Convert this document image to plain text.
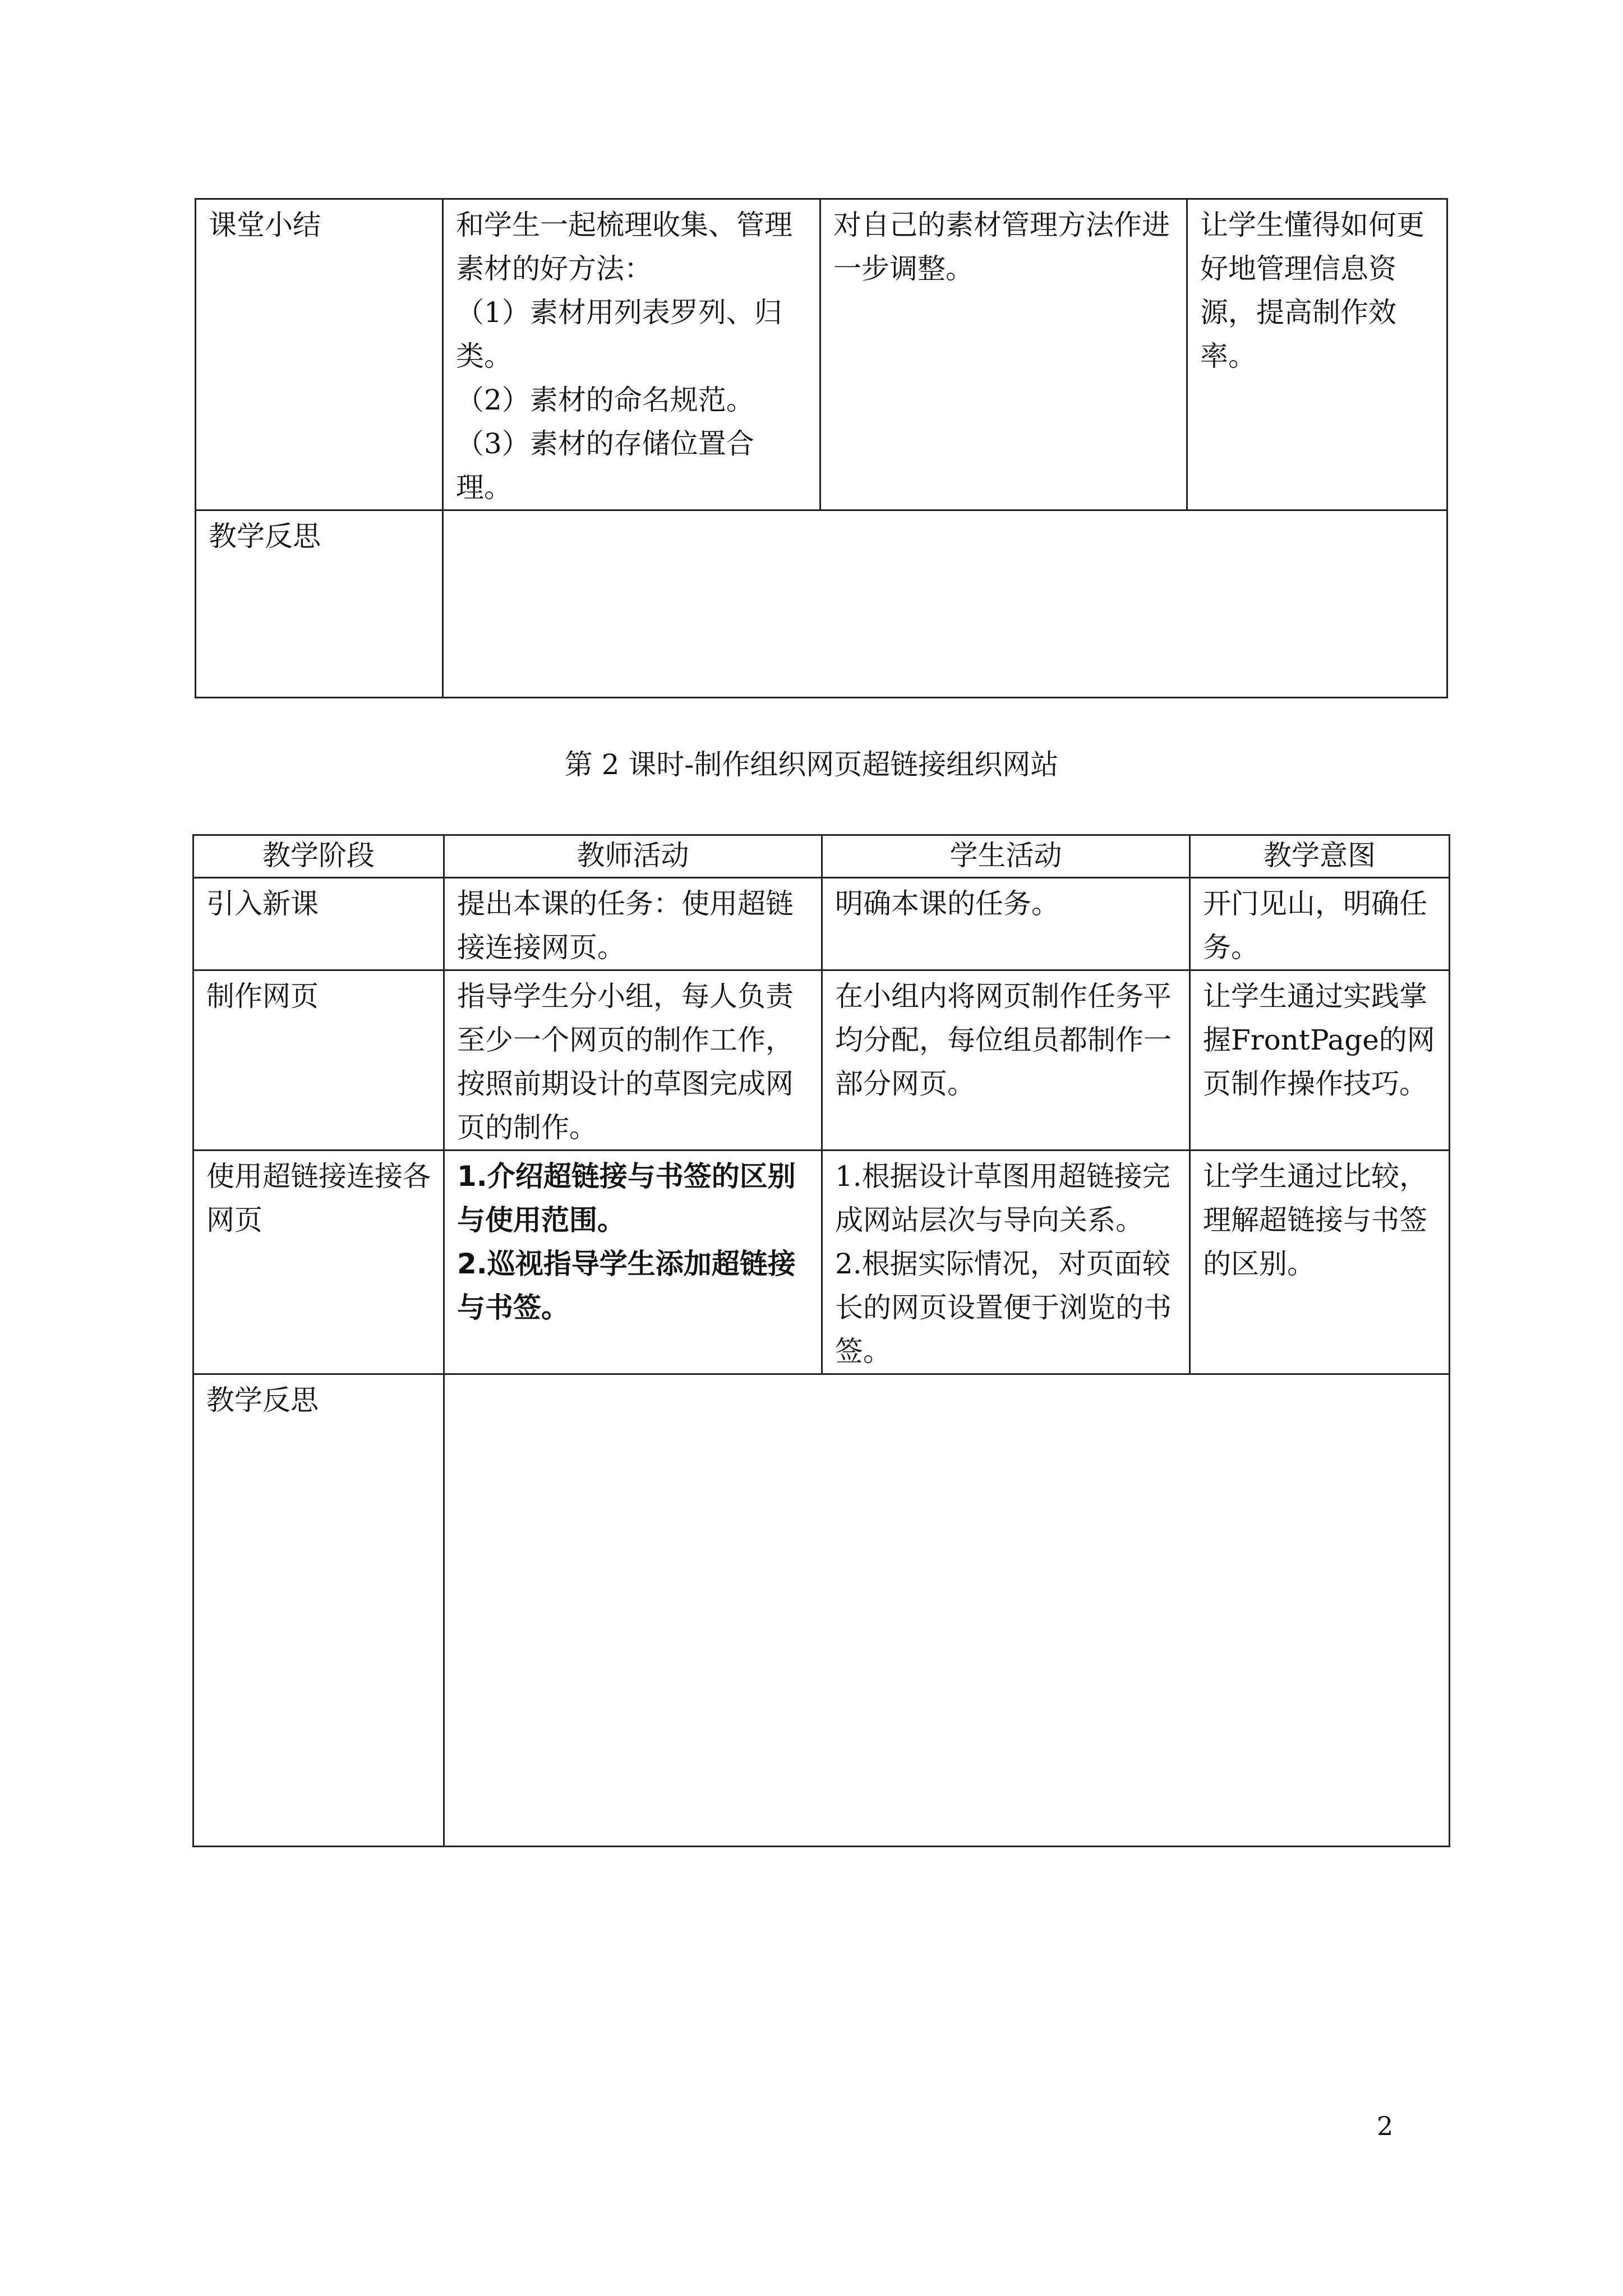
课堂小结	和学生一起梳理收集、管理素材的好方法：
（1）素材用列表罗列、归类。
（2）素材的命名规范。
（3）素材的存储位置合理。	对自己的素材管理方法作进一步调整。	让学生懂得如何更好地管理信息资源，提高制作效率。
教学反思			
第 2 课时-制作组织网页超链接组织网站
教学阶段	教师活动	学生活动	教学意图
引入新课	提出本课的任务：使用超链接连接网页。	明确本课的任务。	开门见山，明确任务。
制作网页	指导学生分小组，每人负责至少一个网页的制作工作，按照前期设计的草图完成网页的制作。	在小组内将网页制作任务平均分配，每位组员都制作一部分网页。	让学生通过实践掌握FrontPage的网页制作操作技巧。
使用超链接连接各网页	1.介绍超链接与书签的区别与使用范围。
2.巡视指导学生添加超链接与书签。	1.根据设计草图用超链接完成网站层次与导向关系。
2.根据实际情况，对页面较长的网页设置便于浏览的书签。	让学生通过比较，理解超链接与书签的区别。
教学反思			
2
